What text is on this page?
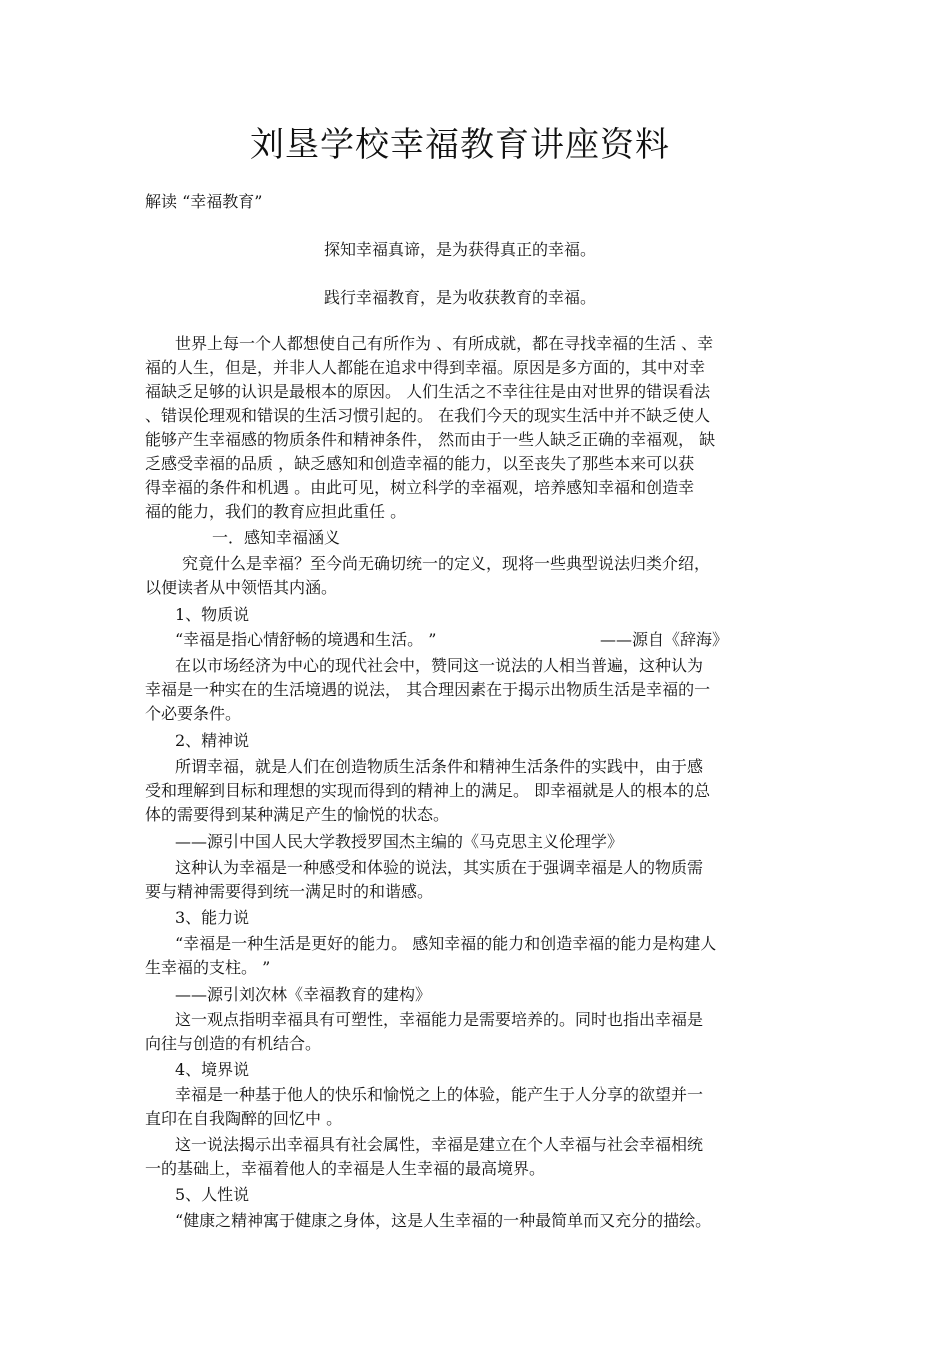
刘垦学校幸福教育讲座资料
解读 “幸福教育”
探知幸福真谛，是为获得真正的幸福。
践行幸福教育，是为收获教育的幸福。
世界上每一个人都想使自己有所作为 、有所成就，都在寻找幸福的生活 、幸
福的人生，但是，并非人人都能在追求中得到幸福。原因是多方面的，其中对幸
福缺乏足够的认识是最根本的原因。 人们生活之不幸往往是由对世界的错误看法
、错误伦理观和错误的生活习惯引起的。 在我们今天的现实生活中并不缺乏使人
能够产生幸福感的物质条件和精神条件， 然而由于一些人缺乏正确的幸福观， 缺
乏感受幸福的品质 ，缺乏感知和创造幸福的能力，以至丧失了那些本来可以获
得幸福的条件和机遇 。由此可见，树立科学的幸福观，培养感知幸福和创造幸
福的能力，我们的教育应担此重任 。
一．感知幸福涵义
究竟什么是幸福？至今尚无确切统一的定义，现将一些典型说法归类介绍，
以便读者从中领悟其内涵。
1、物质说
“幸福是指心情舒畅的境遇和生活。 ”	——源自《辞海》
在以市场经济为中心的现代社会中，赞同这一说法的人相当普遍，这种认为
幸福是一种实在的生活境遇的说法， 其合理因素在于揭示出物质生活是幸福的一
个必要条件。
2、精神说
所谓幸福，就是人们在创造物质生活条件和精神生活条件的实践中，由于感
受和理解到目标和理想的实现而得到的精神上的满足。 即幸福就是人的根本的总
体的需要得到某种满足产生的愉悦的状态。
——源引中国人民大学教授罗国杰主编的《马克思主义伦理学》
这种认为幸福是一种感受和体验的说法，其实质在于强调幸福是人的物质需
要与精神需要得到统一满足时的和谐感。
3、能力说
“幸福是一种生活是更好的能力。 感知幸福的能力和创造幸福的能力是构建人
生幸福的支柱。 ”
——源引刘次林《幸福教育的建构》
这一观点指明幸福具有可塑性，幸福能力是需要培养的。同时也指出幸福是
向往与创造的有机结合。
4、境界说
幸福是一种基于他人的快乐和愉悦之上的体验，能产生于人分享的欲望并一
直印在自我陶醉的回忆中 。
这一说法揭示出幸福具有社会属性，幸福是建立在个人幸福与社会幸福相统
一的基础上，幸福着他人的幸福是人生幸福的最高境界。
5、人性说
“健康之精神寓于健康之身体，这是人生幸福的一种最简单而又充分的描绘。
